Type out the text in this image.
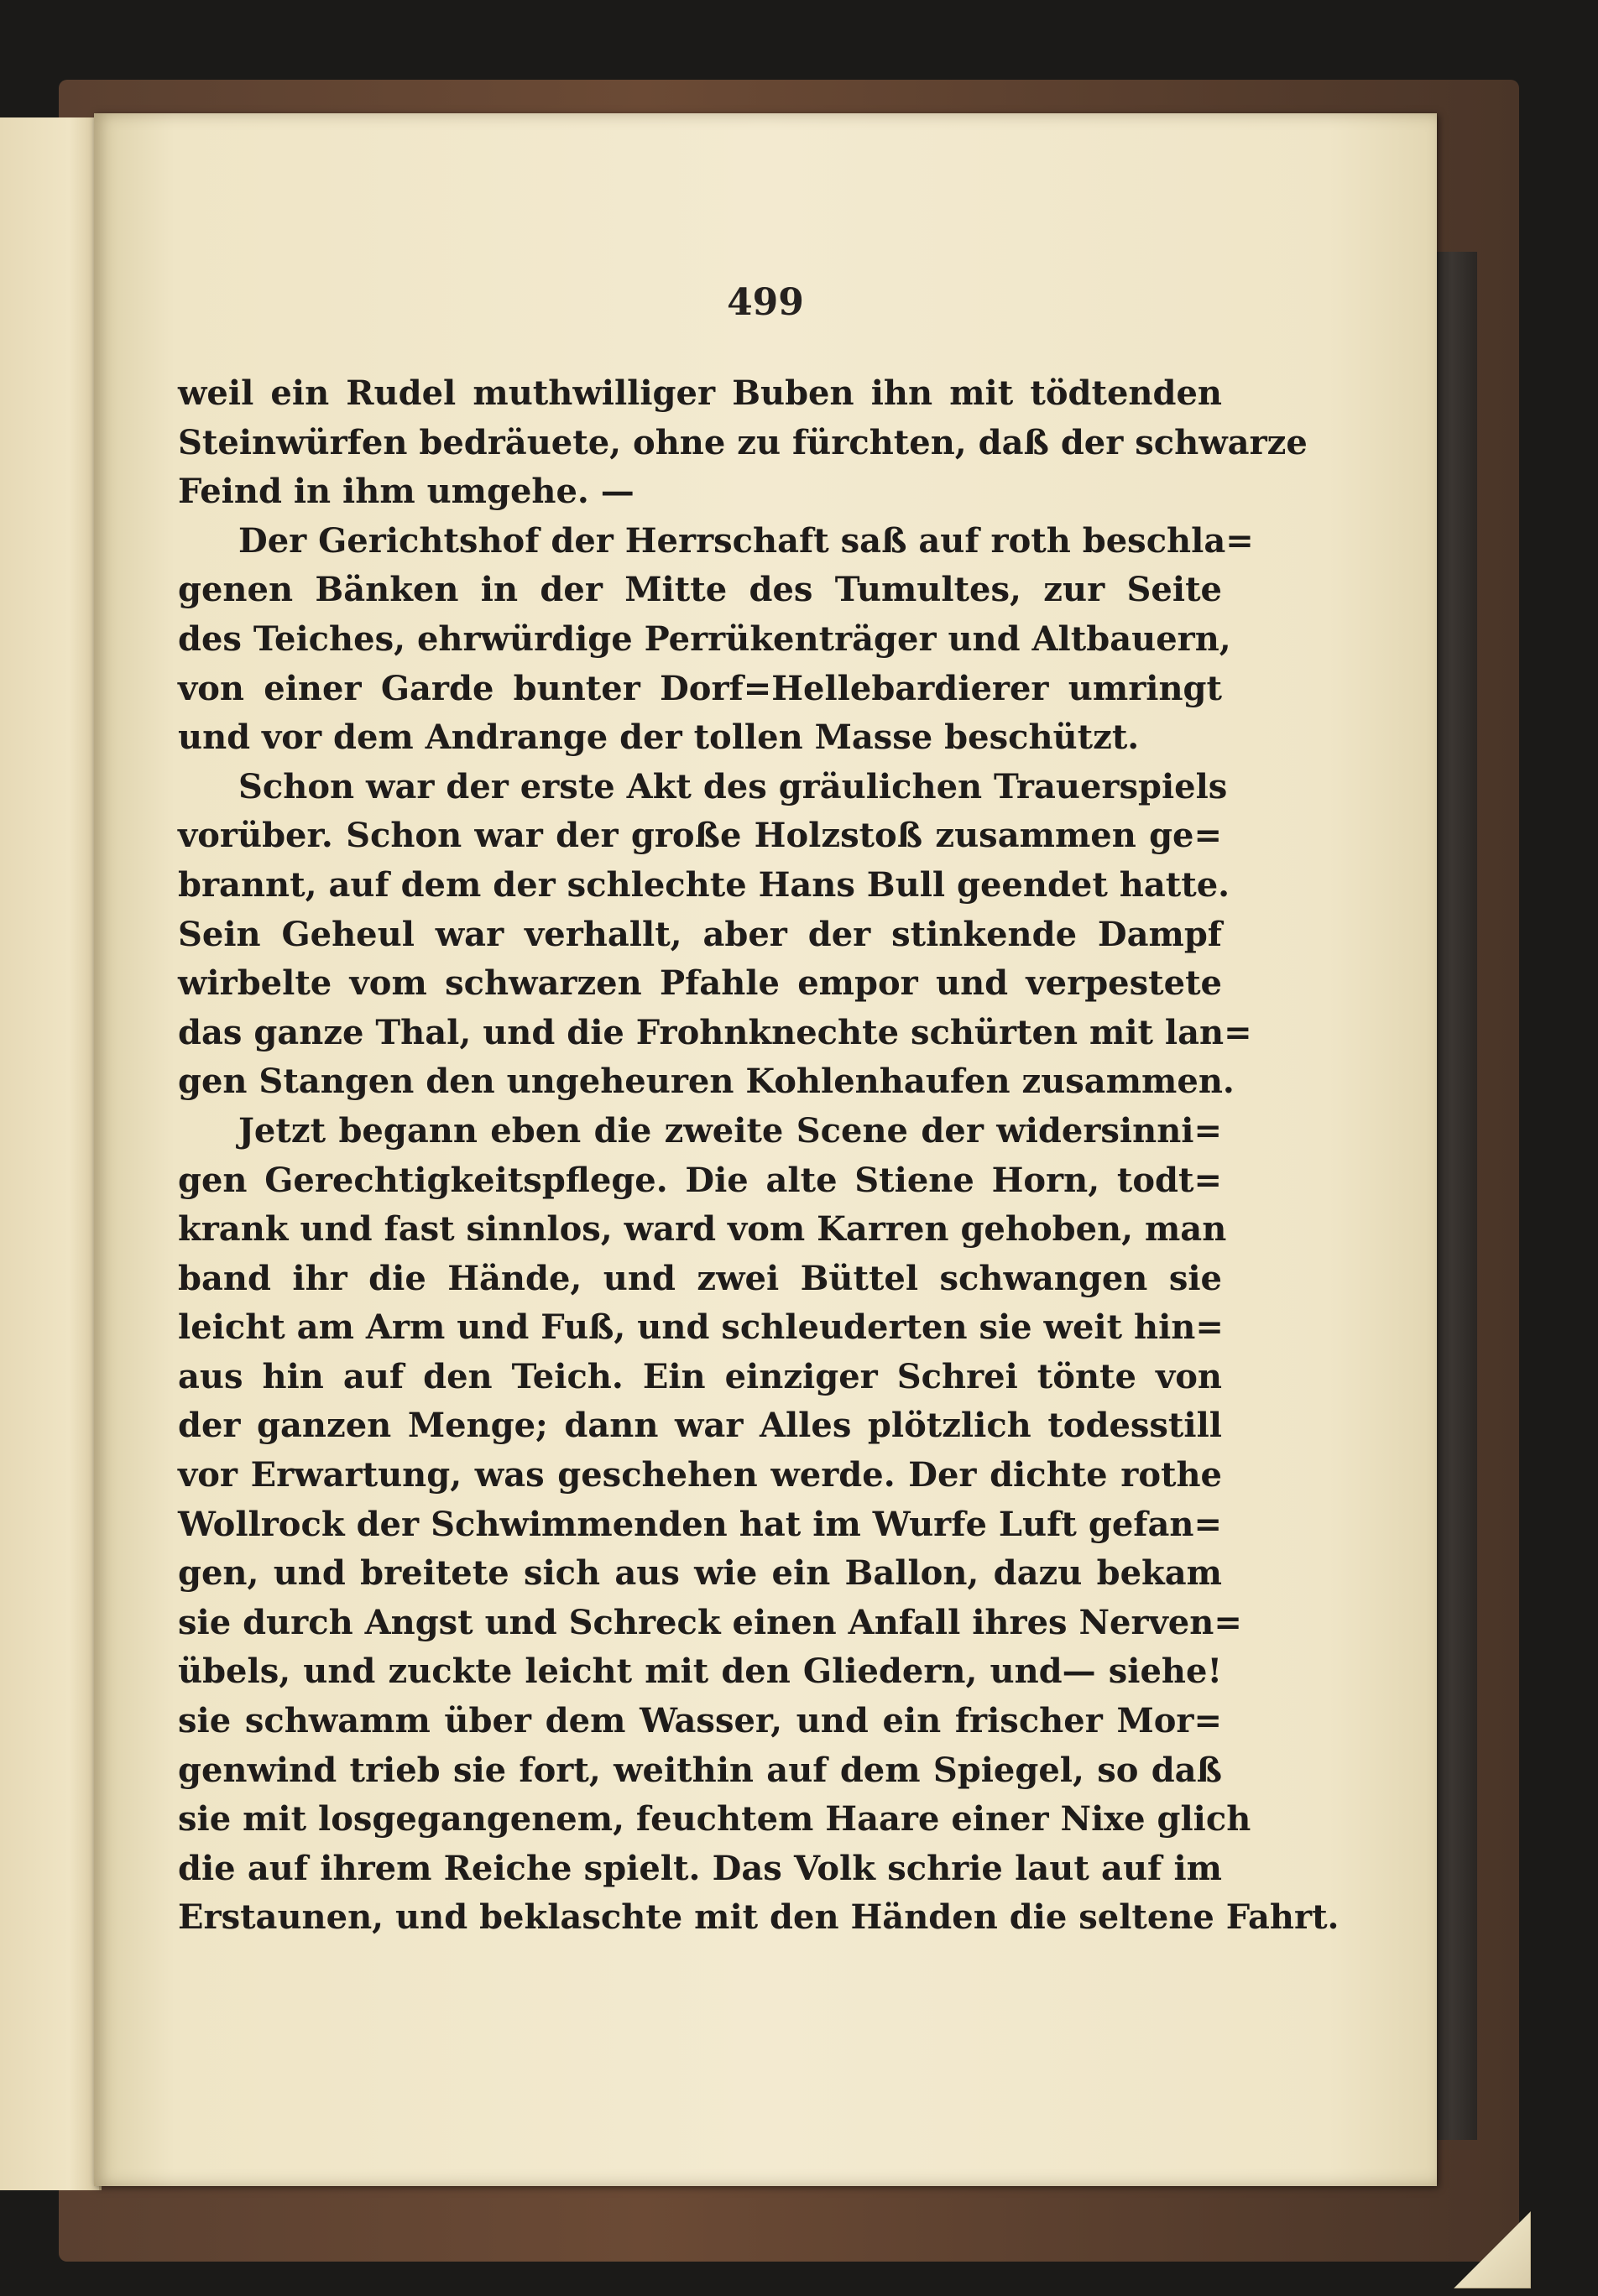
499
weil ein Rudel muthwilliger Buben ihn mit tödtenden
Steinwürfen bedräuete, ohne zu fürchten, daß der schwarze
Feind in ihm umgehe. —
Der Gerichtshof der Herrschaft saß auf roth beschla=
genen Bänken in der Mitte des Tumultes, zur Seite
des Teiches, ehrwürdige Perrükenträger und Altbauern,
von einer Garde bunter Dorf=Hellebardierer umringt
und vor dem Andrange der tollen Masse beschützt.
Schon war der erste Akt des gräulichen Trauerspiels
vorüber. Schon war der große Holzstoß zusammen ge=
brannt, auf dem der schlechte Hans Bull geendet hatte.
Sein Geheul war verhallt, aber der stinkende Dampf
wirbelte vom schwarzen Pfahle empor und verpestete
das ganze Thal, und die Frohnknechte schürten mit lan=
gen Stangen den ungeheuren Kohlenhaufen zusammen.
Jetzt begann eben die zweite Scene der widersinni=
gen Gerechtigkeitspflege. Die alte Stiene Horn, todt=
krank und fast sinnlos, ward vom Karren gehoben, man
band ihr die Hände, und zwei Büttel schwangen sie
leicht am Arm und Fuß, und schleuderten sie weit hin=
aus hin auf den Teich. Ein einziger Schrei tönte von
der ganzen Menge; dann war Alles plötzlich todesstill
vor Erwartung, was geschehen werde. Der dichte rothe
Wollrock der Schwimmenden hat im Wurfe Luft gefan=
gen, und breitete sich aus wie ein Ballon, dazu bekam
sie durch Angst und Schreck einen Anfall ihres Nerven=
übels, und zuckte leicht mit den Gliedern, und— siehe!
sie schwamm über dem Wasser, und ein frischer Mor=
genwind trieb sie fort, weithin auf dem Spiegel, so daß
sie mit losgegangenem, feuchtem Haare einer Nixe glich
die auf ihrem Reiche spielt. Das Volk schrie laut auf im
Erstaunen, und beklaschte mit den Händen die seltene Fahrt.
